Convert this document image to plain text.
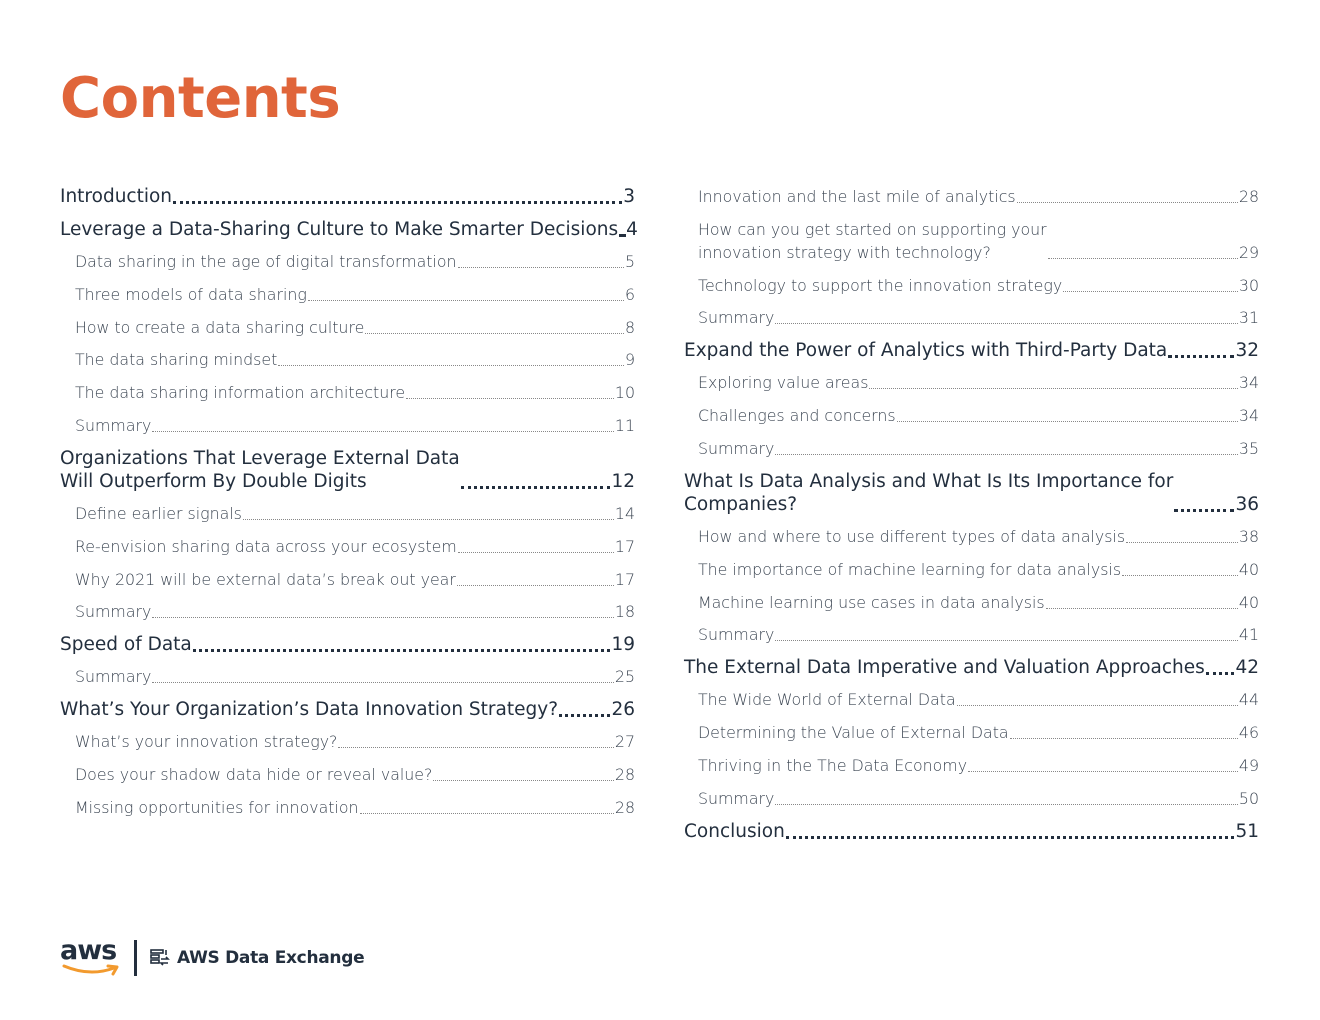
Contents
Introduction	3
Leverage a Data-Sharing Culture to Make Smarter Decisions 4
Data sharing in the age of digital transformation	5
Three models of data sharing	6
How to create a data sharing culture	8
The data sharing mindset	9
The data sharing information architecture	10
Summary	11
Organizations That Leverage External Data
Will Outperform By Double Digits	12
Define earlier signals	14
Re-envision sharing data across your ecosystem	17
Why 2021 will be external data’s break out year	17
Summary	18
Speed of Data	19
Summary	25
What’s Your Organization’s Data Innovation Strategy?	26
What’s your innovation strategy?	27
Does your shadow data hide or reveal value?	28
Missing opportunities for innovation	28
Innovation and the last mile of analytics	28
How can you get started on supporting your
innovation strategy with technology?	29
Technology to support the innovation strategy	30
Summary	31
Expand the Power of Analytics with Third-Party Data	32
Exploring value areas	34
Challenges and concerns	34
Summary	35
What Is Data Analysis and What Is Its Importance for
Companies?	36
How and where to use different types of data analysis	38
The importance of machine learning for data analysis	40
Machine learning use cases in data analysis	40
Summary	41
The External Data Imperative and Valuation Approaches 42
The Wide World of External Data	44
Determining the Value of External Data	46
Thriving in the The Data Economy	49
Summary	50
Conclusion	51
aws	AWS Data Exchange
